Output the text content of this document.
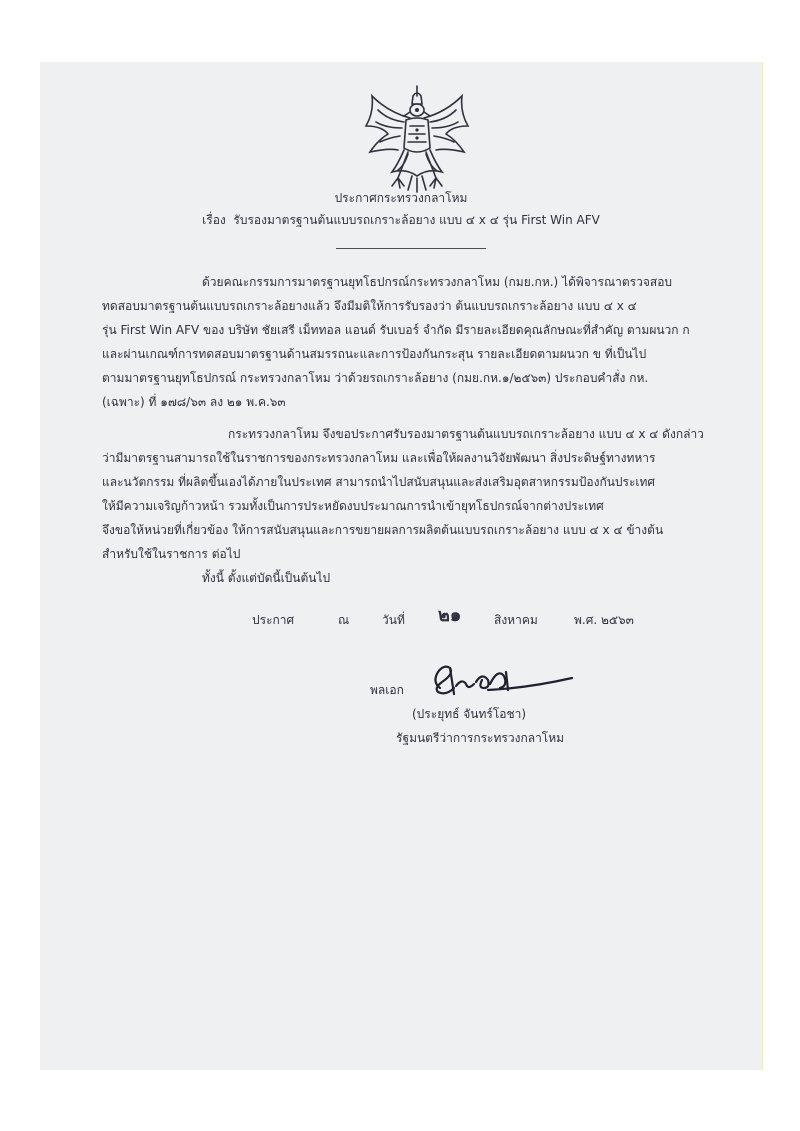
ประกาศกระทรวงกลาโหม
เรื่อง รับรองมาตรฐานต้นแบบรถเกราะล้อยาง แบบ ๔ x ๔ รุ่น First Win AFV
ด้วยคณะกรรมการมาตรฐานยุทโธปกรณ์กระทรวงกลาโหม (กมย.กห.) ได้พิจารณาตรวจสอบ
ทดสอบมาตรฐานต้นแบบรถเกราะล้อยางแล้ว จึงมีมติให้การรับรองว่า ต้นแบบรถเกราะล้อยาง แบบ ๔ x ๔
รุ่น First Win AFV ของ บริษัท ชัยเสรี เม็ททอล แอนด์ รับเบอร์ จำกัด มีรายละเอียดคุณลักษณะที่สำคัญ ตามผนวก ก
และผ่านเกณฑ์การทดสอบมาตรฐานด้านสมรรถนะและการป้องกันกระสุน รายละเอียดตามผนวก ข ที่เป็นไป
ตามมาตรฐานยุทโธปกรณ์ กระทรวงกลาโหม ว่าด้วยรถเกราะล้อยาง (กมย.กห.๑/๒๕๖๓) ประกอบคำสั่ง กห.
(เฉพาะ) ที่ ๑๗๘/๖๓ ลง ๒๑ พ.ค.๖๓
กระทรวงกลาโหม จึงขอประกาศรับรองมาตรฐานต้นแบบรถเกราะล้อยาง แบบ ๔ x ๔ ดังกล่าว
ว่ามีมาตรฐานสามารถใช้ในราชการของกระทรวงกลาโหม และเพื่อให้ผลงานวิจัยพัฒนา สิ่งประดิษฐ์ทางทหาร
และนวัตกรรม ที่ผลิตขึ้นเองได้ภายในประเทศ สามารถนำไปสนับสนุนและส่งเสริมอุตสาหกรรมป้องกันประเทศ
ให้มีความเจริญก้าวหน้า รวมทั้งเป็นการประหยัดงบประมาณการนำเข้ายุทโธปกรณ์จากต่างประเทศ
จึงขอให้หน่วยที่เกี่ยวข้อง ให้การสนับสนุนและการขยายผลการผลิตต้นแบบรถเกราะล้อยาง แบบ ๔ x ๔ ข้างต้น
สำหรับใช้ในราชการ ต่อไป
ทั้งนี้ ตั้งแต่บัดนี้เป็นต้นไป
ประกาศ	ณ	วันที่ ๒๑	สิงหาคม	พ.ศ. ๒๕๖๓
พลเอก
(ประยุทธ์ จันทร์โอชา)
รัฐมนตรีว่าการกระทรวงกลาโหม
